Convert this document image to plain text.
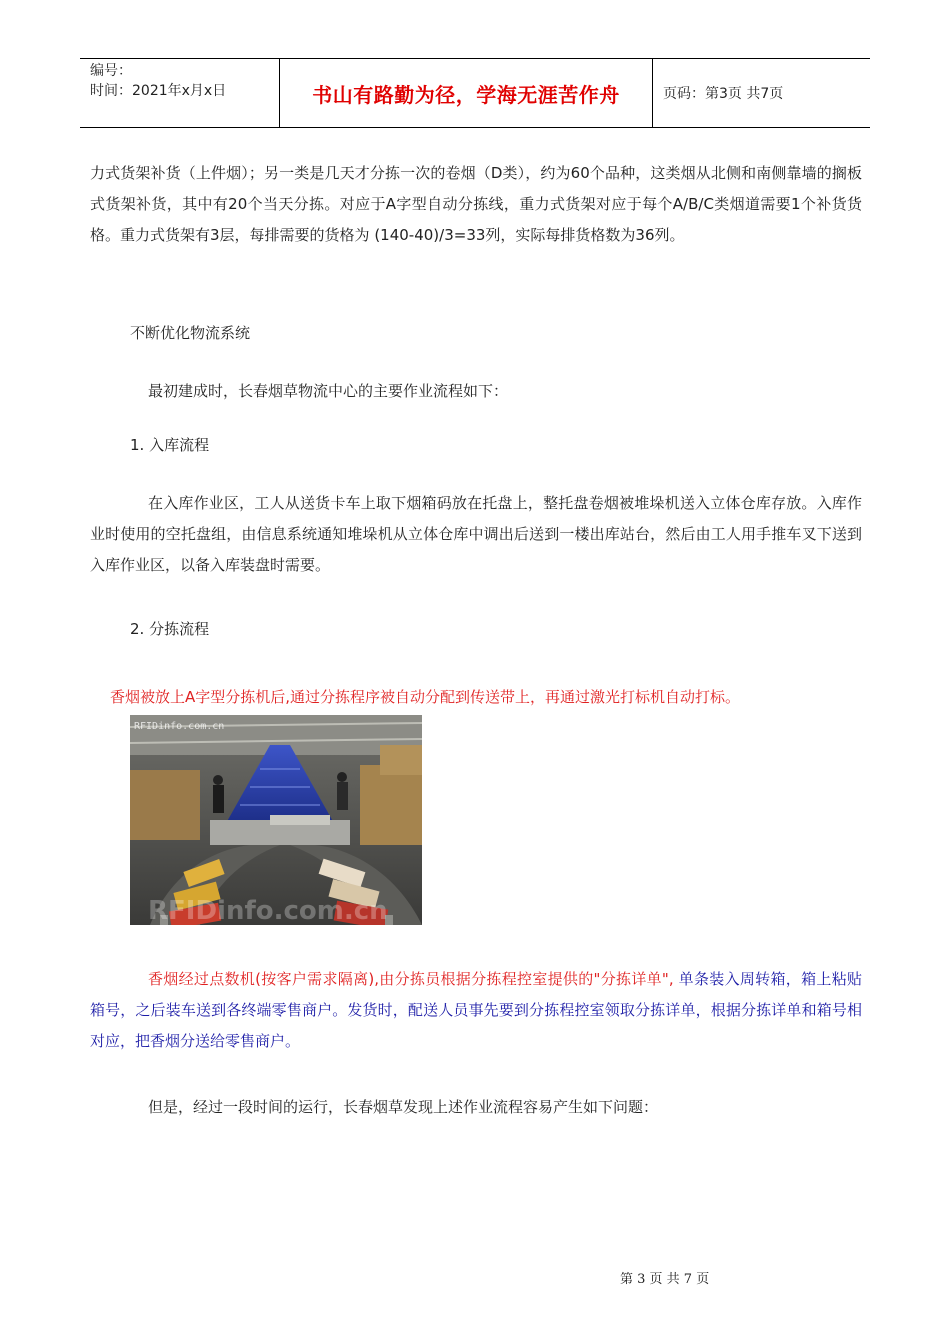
编号：
时间：2021年x月x日	书山有路勤为径，学海无涯苦作舟	页码：第3页 共7页

力式货架补货（上件烟）；另一类是几天才分拣一次的卷烟（D类），约为60个品种，这类烟从北侧和南侧靠墙的搁板式货架补货，其中有20个当天分拣。对应于A字型自动分拣线，重力式货架对应于每个A/B/C类烟道需要1个补货货格。重力式货架有3层，每排需要的货格为 (140-40)/3=33列，实际每排货格数为36列。

不断优化物流系统

最初建成时，长春烟草物流中心的主要作业流程如下：

1. 入库流程

在入库作业区，工人从送货卡车上取下烟箱码放在托盘上，整托盘卷烟被堆垛机送入立体仓库存放。入库作业时使用的空托盘组，由信息系统通知堆垛机从立体仓库中调出后送到一楼出库站台，然后由工人用手推车叉下送到入库作业区，以备入库装盘时需要。

2. 分拣流程

香烟被放上A字型分拣机后,通过分拣程序被自动分配到传送带上，再通过激光打标机自动打标。

RFIDinfo.com.cn
RFIDinfo.com.cn

香烟经过点数机(按客户需求隔离),由分拣员根据分拣程控室提供的"分拣详单", 单条装入周转箱，箱上粘贴箱号，之后装车送到各终端零售商户。发货时，配送人员事先要到分拣程控室领取分拣详单，根据分拣详单和箱号相对应，把香烟分送给零售商户。

但是，经过一段时间的运行，长春烟草发现上述作业流程容易产生如下问题：

第 3 页 共 7 页
